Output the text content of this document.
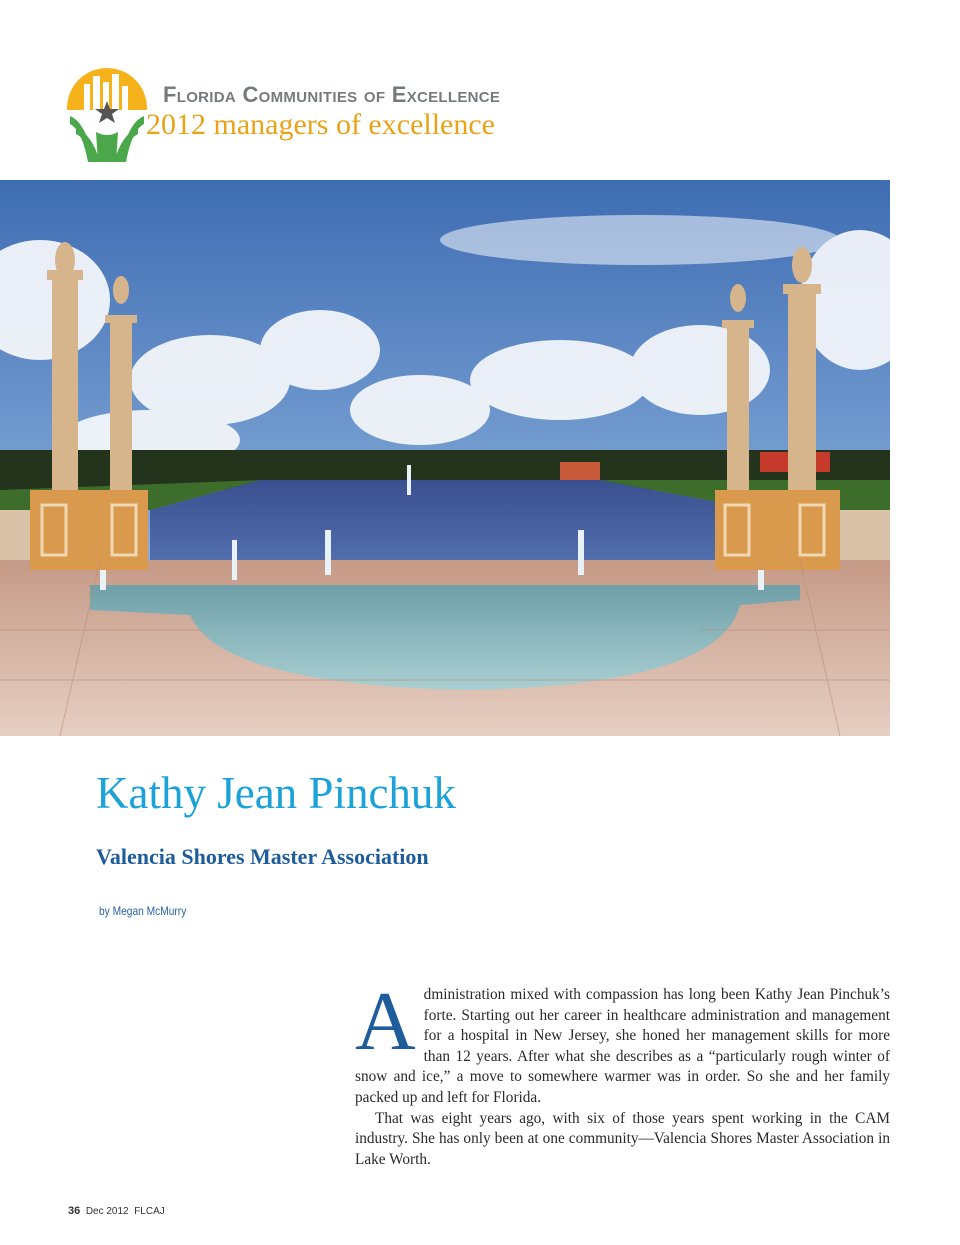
Florida Communities of Excellence
2012 managers of excellence
Kathy Jean Pinchuk
Valencia Shores Master Association
by Megan McMurry

Administration mixed with compassion has long been Kathy Jean Pinchuk’s forte. Starting out her career in healthcare administration and management for a hospital in New Jersey, she honed her management skills for more than 12 years. After what she describes as a “particularly rough winter of snow and ice,” a move to somewhere warmer was in order. So she and her family packed up and left for Florida.

That was eight years ago, with six of those years spent working in the CAM industry. She has only been at one community—Valencia Shores Master Association in Lake Worth.

36 Dec 2012 FLCAJ
